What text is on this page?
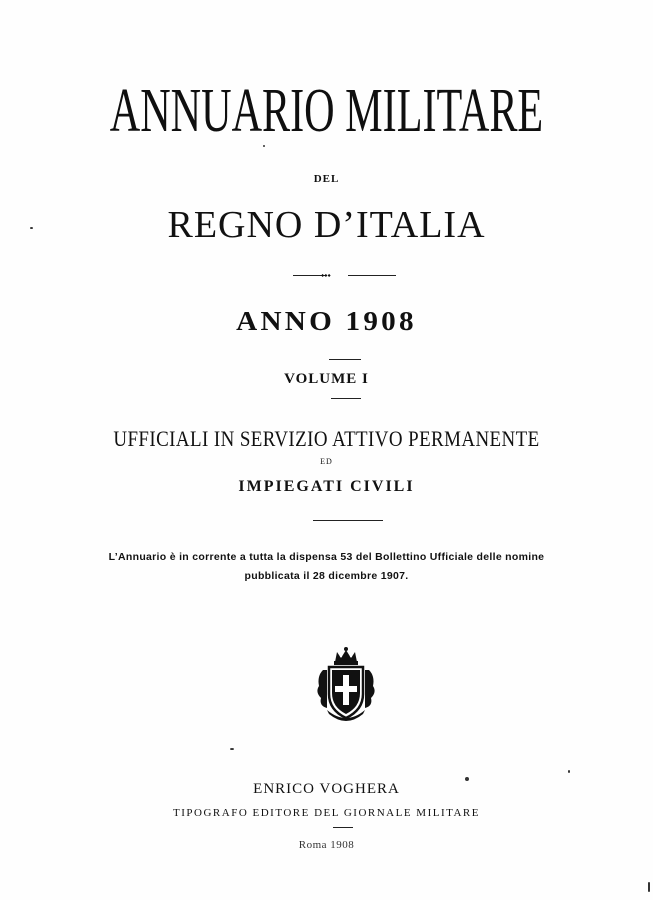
ANNUARIO MILITARE
DEL
REGNO D’ITALIA
⬩⬩⬩
ANNO 1908
VOLUME I
UFFICIALI IN SERVIZIO ATTIVO PERMANENTE
ED
IMPIEGATI CIVILI
L’Annuario è in corrente a tutta la dispensa 53 del Bollettino Ufficiale delle nomine
pubblicata il 28 dicembre 1907.
ENRICO VOGHERA
TIPOGRAFO EDITORE DEL GIORNALE MILITARE
Roma 1908
